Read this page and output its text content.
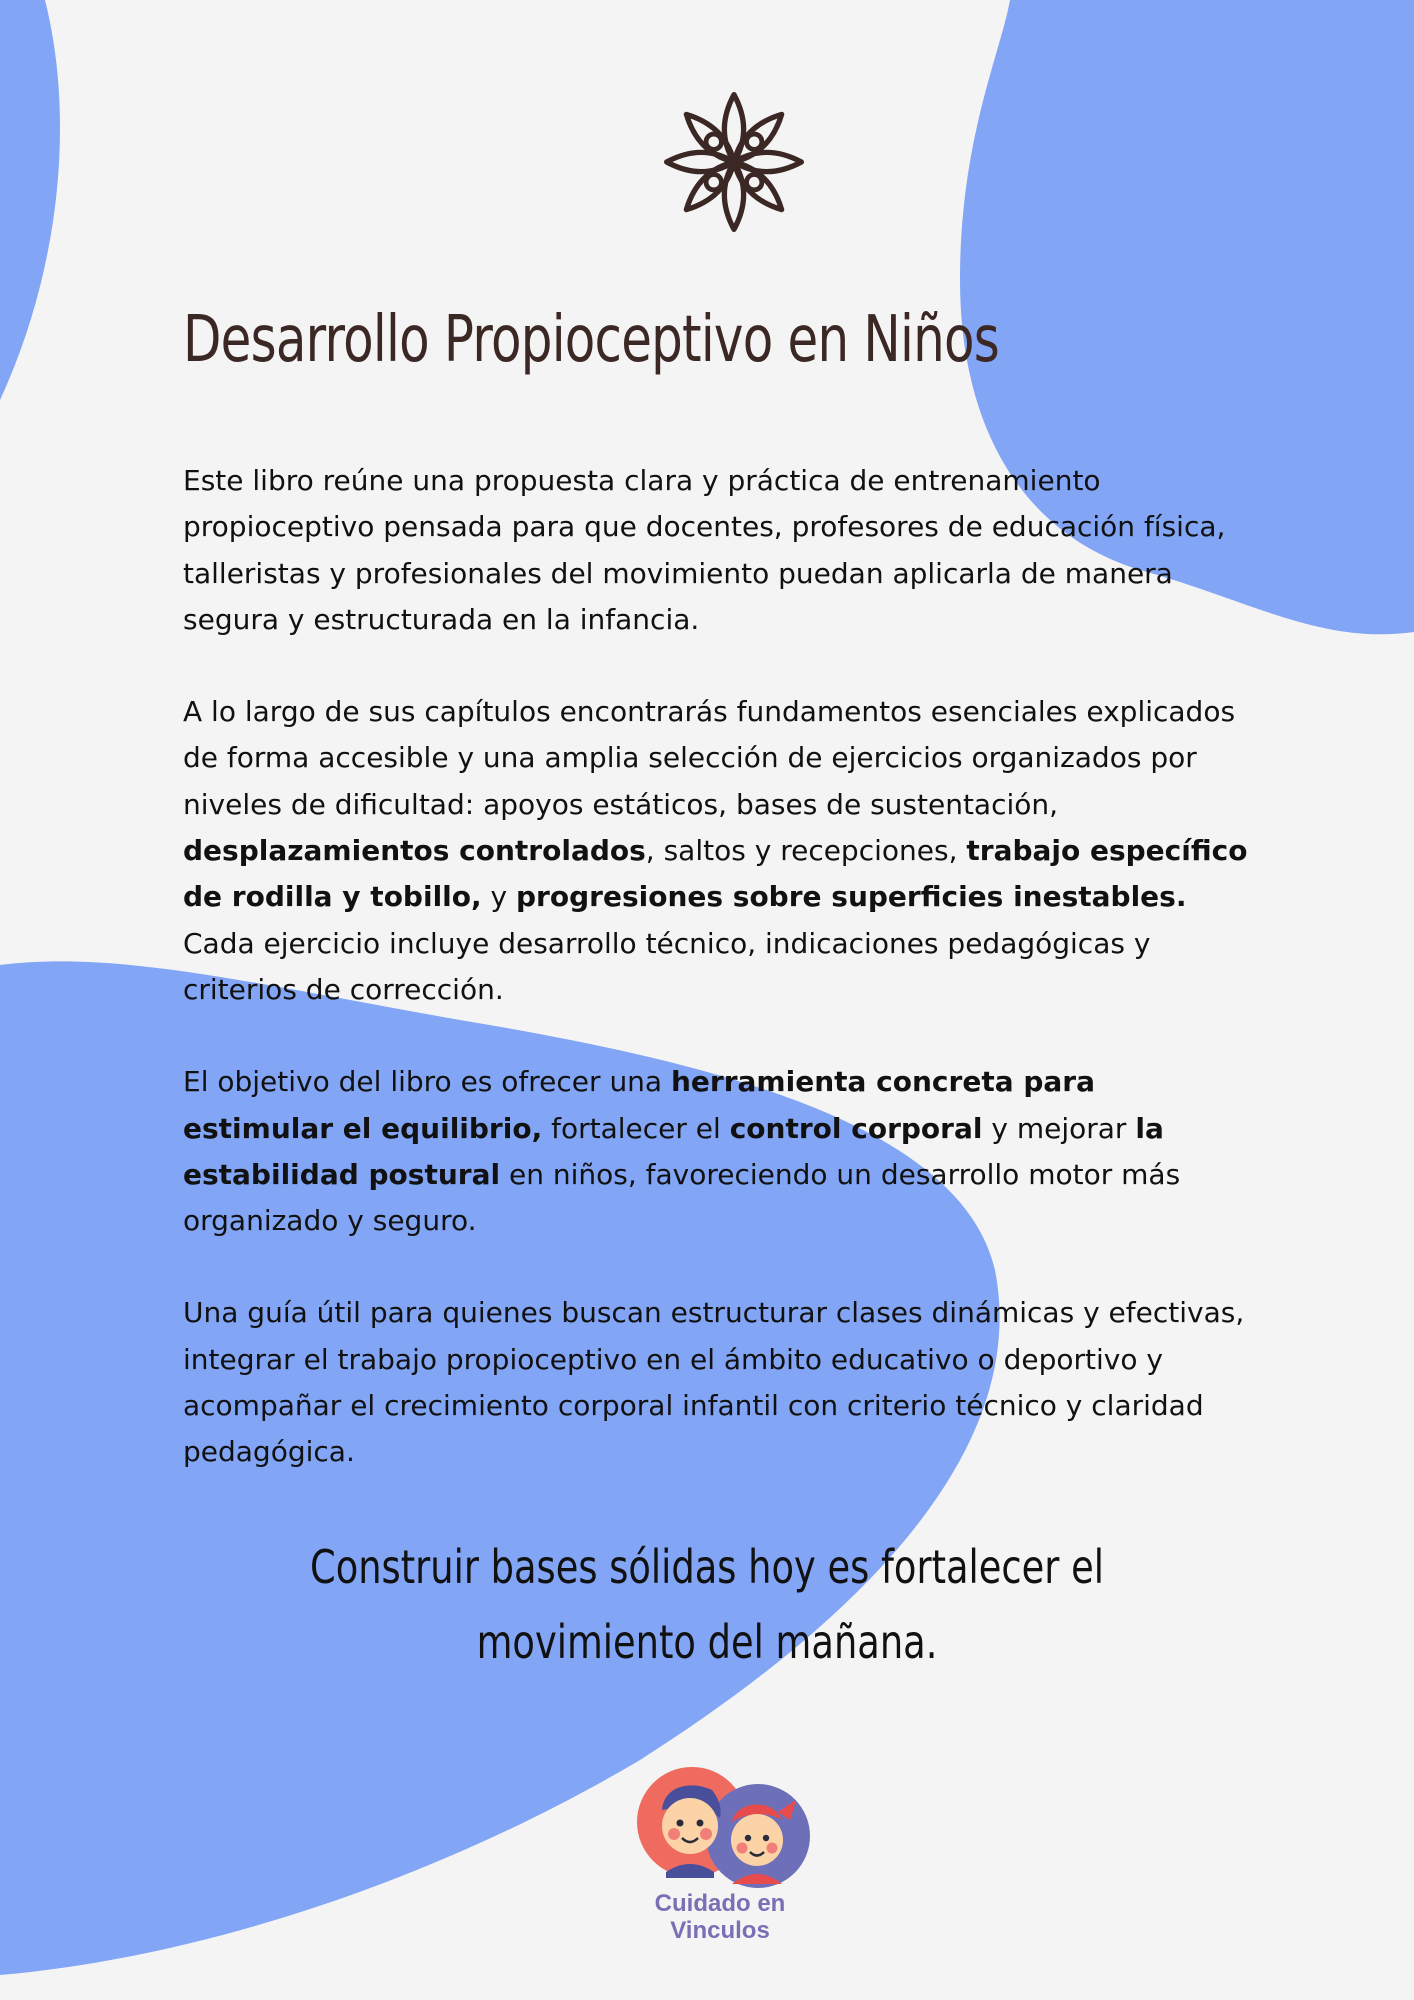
Desarrollo Propioceptivo en Niños

Este libro reúne una propuesta clara y práctica de entrenamiento propioceptivo pensada para que docentes, profesores de educación física, talleristas y profesionales del movimiento puedan aplicarla de manera segura y estructurada en la infancia.

A lo largo de sus capítulos encontrarás fundamentos esenciales explicados de forma accesible y una amplia selección de ejercicios organizados por niveles de dificultad: apoyos estáticos, bases de sustentación, desplazamientos controlados, saltos y recepciones, trabajo específico de rodilla y tobillo, y progresiones sobre superficies inestables. Cada ejercicio incluye desarrollo técnico, indicaciones pedagógicas y criterios de corrección.

El objetivo del libro es ofrecer una herramienta concreta para estimular el equilibrio, fortalecer el control corporal y mejorar la estabilidad postural en niños, favoreciendo un desarrollo motor más organizado y seguro.

Una guía útil para quienes buscan estructurar clases dinámicas y efectivas, integrar el trabajo propioceptivo en el ámbito educativo o deportivo y acompañar el crecimiento corporal infantil con criterio técnico y claridad pedagógica.

Construir bases sólidas hoy es fortalecer el movimiento del mañana.

Cuidado en
Vinculos
